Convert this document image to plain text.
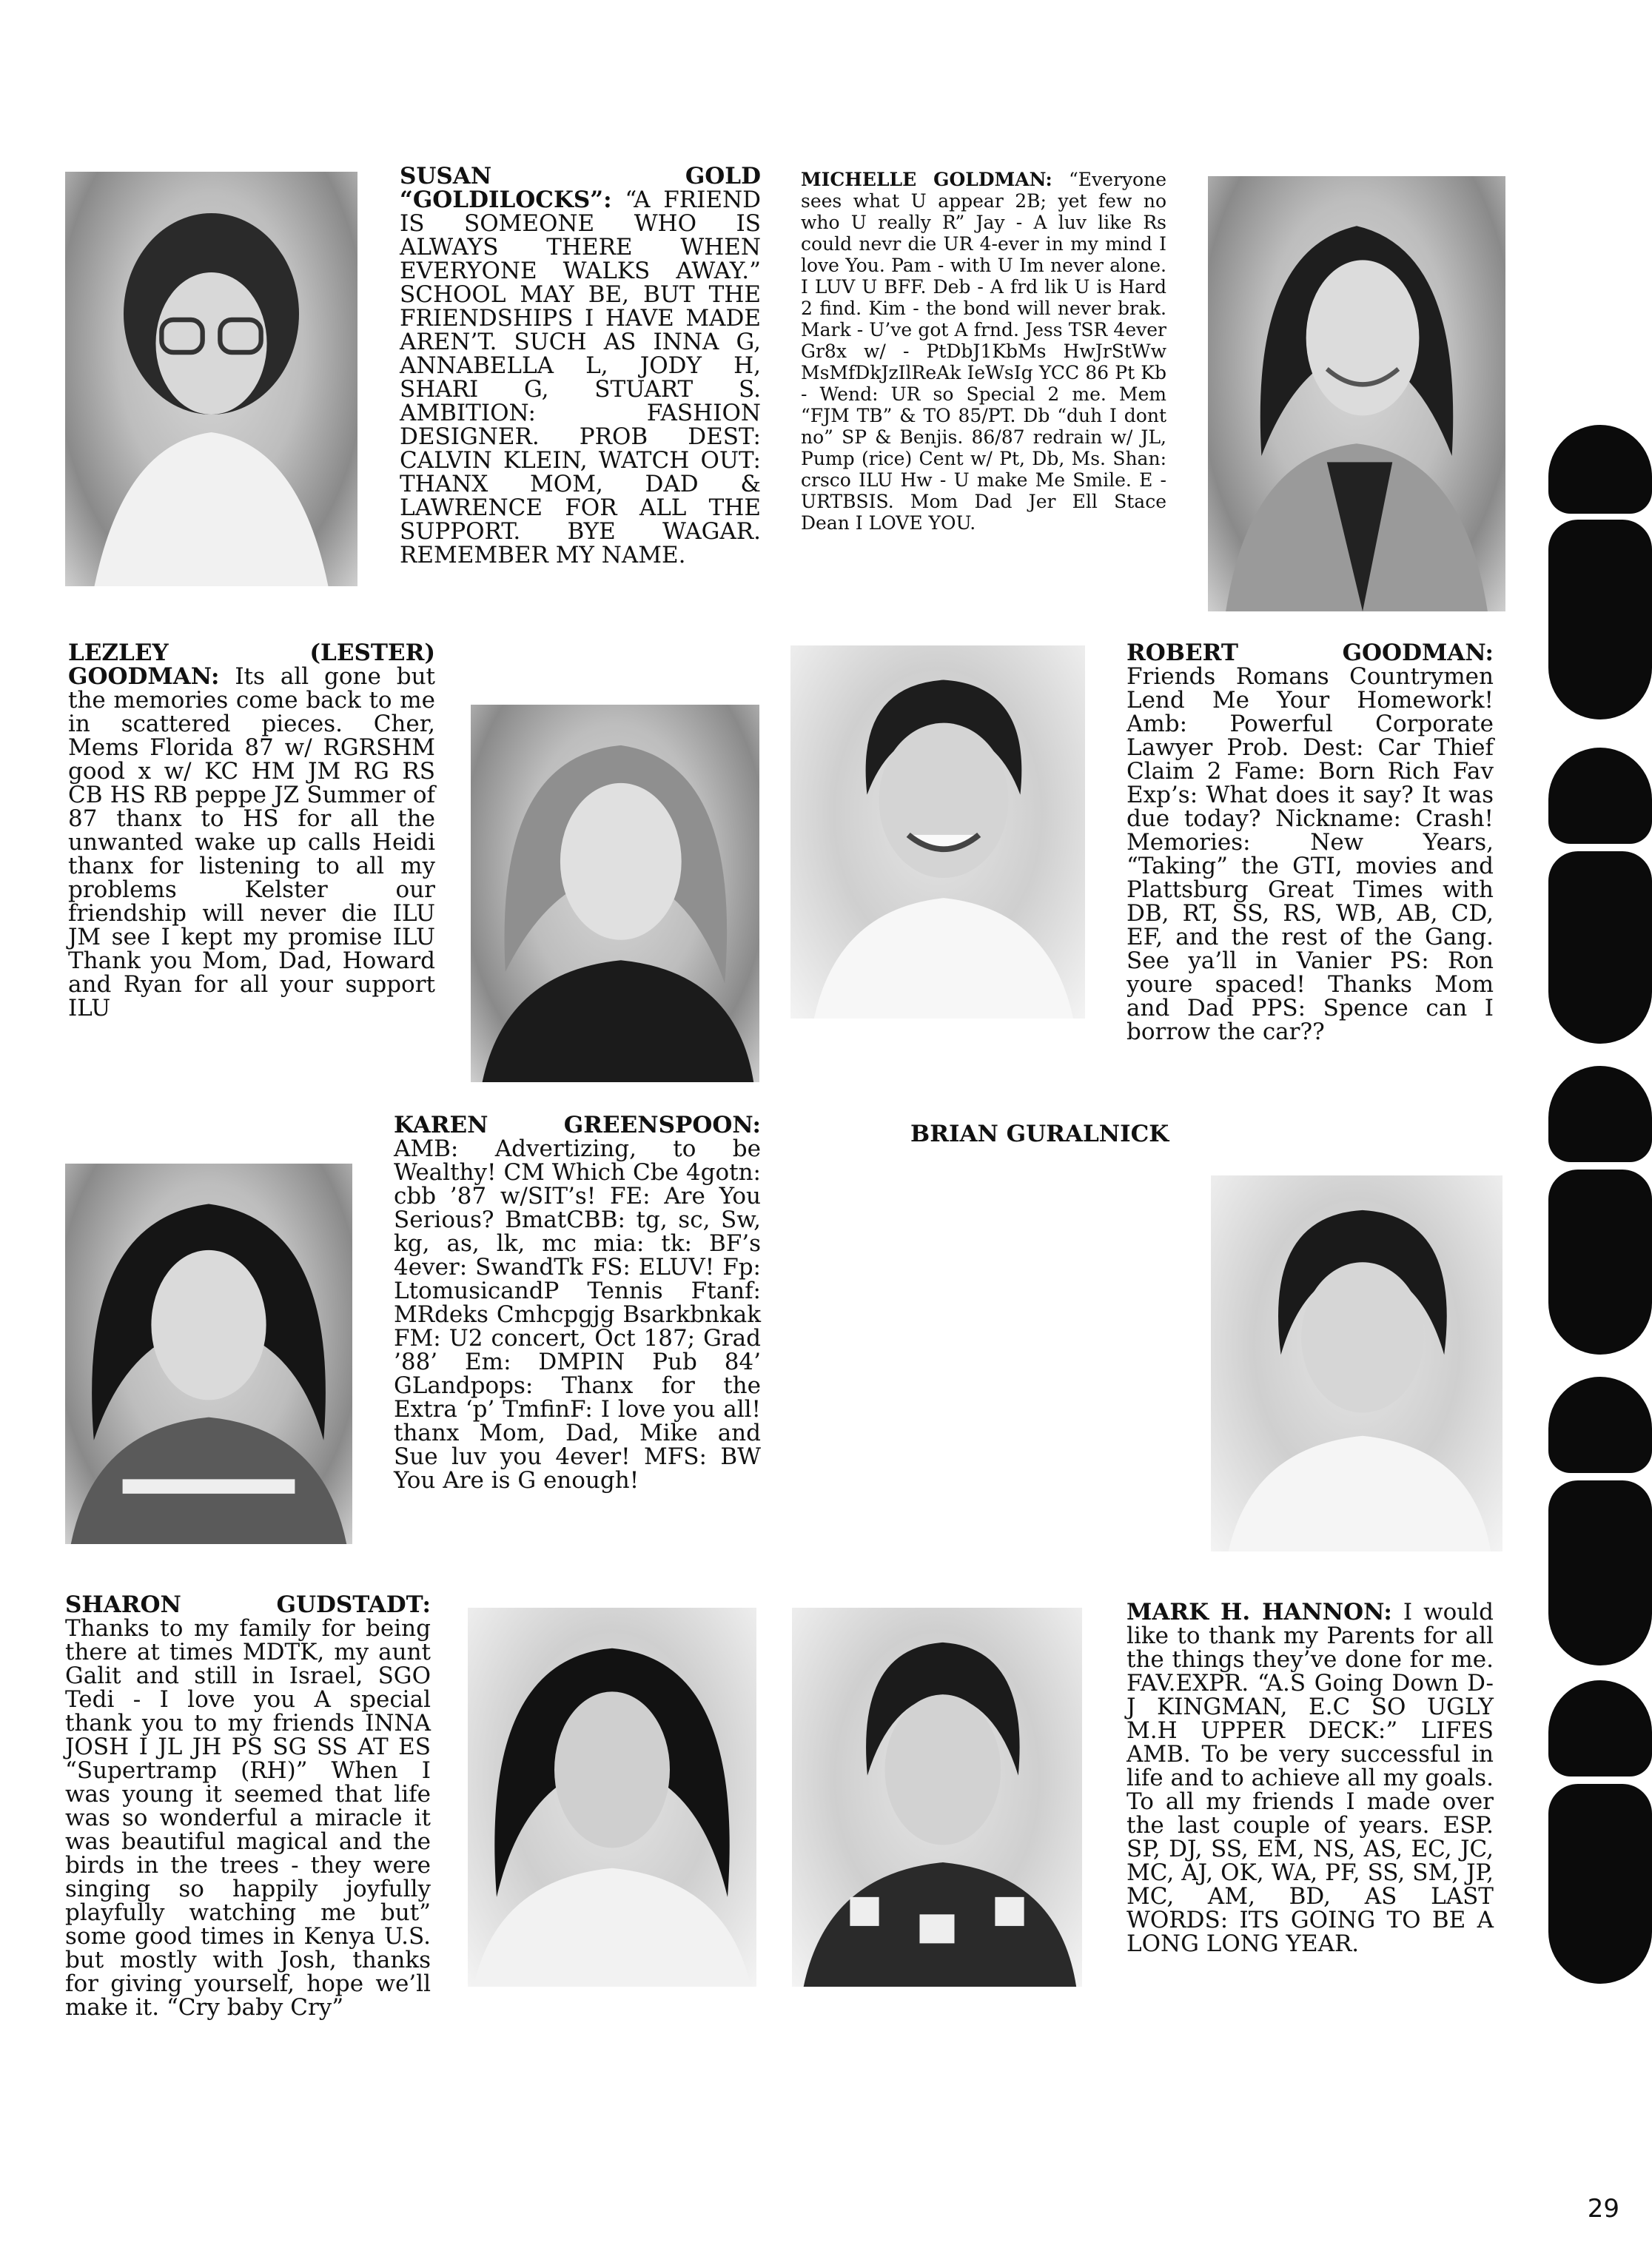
SUSAN GOLD “GOLDILOCKS”: “A FRIEND IS SOMEONE WHO IS ALWAYS THERE WHEN EVERYONE WALKS AWAY.” SCHOOL MAY BE, BUT THE FRIENDSHIPS I HAVE MADE AREN’T. SUCH AS INNA G, ANNABELLA L, JODY H, SHARI G, STUART S. AMBITION: FASHION DESIGNER. PROB DEST: CALVIN KLEIN, WATCH OUT: THANX MOM, DAD & LAWRENCE FOR ALL THE SUPPORT. BYE WAGAR. REMEMBER MY NAME.

MICHELLE GOLDMAN: “Everyone sees what U appear 2B; yet few no who U really R” Jay - A luv like Rs could nevr die UR 4-ever in my mind I love You. Pam - with U Im never alone. I LUV U BFF. Deb - A frd lik U is Hard 2 find. Kim - the bond will never brak. Mark - U’ve got A frnd. Jess TSR 4ever Gr8x w/ - PtDbJ1KbMs HwJrStWw MsMfDkJzIlReAk IeWsIg YCC 86 Pt Kb - Wend: UR so Special 2 me. Mem “FJM TB” & TO 85/PT. Db “duh I dont no” SP & Benjis. 86/87 redrain w/ JL, Pump (rice) Cent w/ Pt, Db, Ms. Shan: crsco ILU Hw - U make Me Smile. E - URTBSIS. Mom Dad Jer Ell Stace Dean I LOVE YOU.

LEZLEY (LESTER) GOODMAN: Its all gone but the memories come back to me in scattered pieces. Cher, Mems Florida 87 w/ RGRSHM good x w/ KC HM JM RG RS CB HS RB peppe JZ Summer of 87 thanx to HS for all the unwanted wake up calls Heidi thanx for listening to all my problems Kelster our friendship will never die ILU JM see I kept my promise ILU Thank you Mom, Dad, Howard and Ryan for all your support ILU

ROBERT GOODMAN: Friends Romans Countrymen Lend Me Your Homework! Amb: Powerful Corporate Lawyer Prob. Dest: Car Thief Claim 2 Fame: Born Rich Fav Exp’s: What does it say? It was due today? Nickname: Crash! Memories: New Years, “Taking” the GTI, movies and Plattsburg Great Times with DB, RT, SS, RS, WB, AB, CD, EF, and the rest of the Gang. See ya’ll in Vanier PS: Ron youre spaced! Thanks Mom and Dad PPS: Spence can I borrow the car??

KAREN GREENSPOON: AMB: Advertizing, to be Wealthy! CM Which Cbe 4gotn: cbb ’87 w/SIT’s! FE: Are You Serious? BmatCBB: tg, sc, Sw, kg, as, lk, mc mia: tk: BF’s 4ever: SwandTk FS: ELUV! Fp: LtomusicandP Tennis Ftanf: MRdeks Cmhcpgjg Bsarkbnkak FM: U2 concert, Oct 187; Grad ’88’ Em: DMPIN Pub 84’ GLandpops: Thanx for the Extra ‘p’ TmfinF: I love you all! thanx Mom, Dad, Mike and Sue luv you 4ever! MFS: BW You Are is G enough!

BRIAN GURALNICK

SHARON GUDSTADT: Thanks to my family for being there at times MDTK, my aunt Galit and still in Israel, SGO Tedi - I love you A special thank you to my friends INNA JOSH I JL JH PS SG SS AT ES “Supertramp (RH)” When I was young it seemed that life was so wonderful a miracle it was beautiful magical and the birds in the trees - they were singing so happily joyfully playfully watching me but” some good times in Kenya U.S. but mostly with Josh, thanks for giving yourself, hope we’ll make it. “Cry baby Cry”

MARK H. HANNON: I would like to thank my Parents for all the things they’ve done for me. FAV.EXPR. “A.S Going Down D-J KINGMAN, E.C SO UGLY M.H UPPER DECK:” LIFES AMB. To be very successful in life and to achieve all my goals. To all my friends I made over the last couple of years. ESP. SP, DJ, SS, EM, NS, AS, EC, JC, MC, AJ, OK, WA, PF, SS, SM, JP, MC, AM, BD, AS LAST WORDS: ITS GOING TO BE A LONG LONG YEAR.

29
